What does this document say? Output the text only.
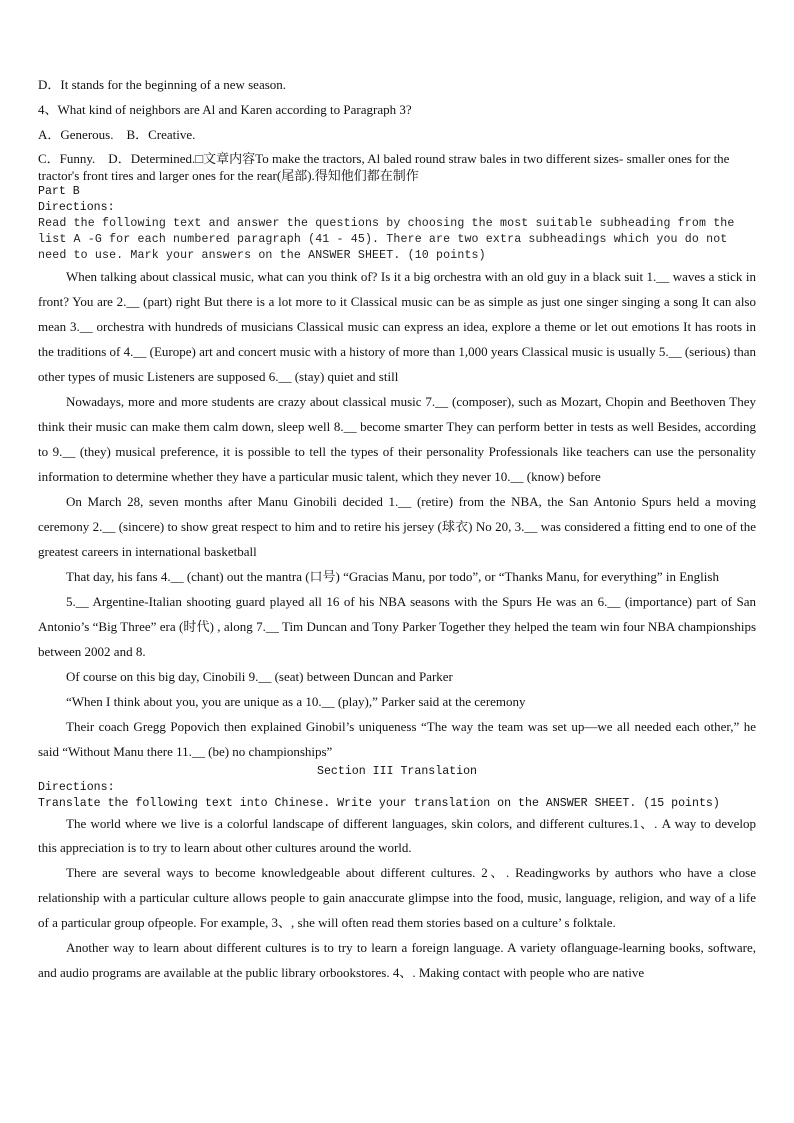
D．It stands for the beginning of a new season.

4、What kind of neighbors are Al and Karen according to Paragraph 3?

A．Generous.　B．Creative.

C．Funny.　D．Determined.□文章内容To make the tractors, Al baled round straw bales in two different sizes- smaller ones for the tractor's front tires and larger ones for the rear(尾部).得知他们都在制作

Part B

Directions:

Read the following text and answer the questions by choosing the most suitable subheading from the list A -G for each numbered paragraph (41 - 45). There are two extra subheadings which you do not need to use. Mark your answers on the ANSWER SHEET. (10 points)

When talking about classical music, what can you think of? Is it a big orchestra with an old guy in a black suit 1.__ waves a stick in front? You are 2.__ (part) right But there is a lot more to it Classical music can be as simple as just one singer singing a song It can also mean 3.__ orchestra with hundreds of musicians Classical music can express an idea, explore a theme or let out emotions It has roots in the traditions of 4.__ (Europe) art and concert music with a history of more than 1,000 years Classical music is usually 5.__ (serious) than other types of music Listeners are supposed 6.__ (stay) quiet and still

Nowadays, more and more students are crazy about classical music 7.__ (composer), such as Mozart, Chopin and Beethoven They think their music can make them calm down, sleep well 8.__ become smarter They can perform better in tests as well Besides, according to 9.__ (they) musical preference, it is possible to tell the types of their personality Professionals like teachers can use the personality information to determine whether they have a particular music talent, which they never 10.__ (know) before

On March 28, seven months after Manu Ginobili decided 1.__ (retire) from the NBA, the San Antonio Spurs held a moving ceremony 2.__ (sincere) to show great respect to him and to retire his jersey (球衣) No 20, 3.__ was considered a fitting end to one of the greatest careers in international basketball

That day, his fans 4.__ (chant) out the mantra (口号) “Gracias Manu, por todo”, or “Thanks Manu, for everything” in English

5.__ Argentine-Italian shooting guard played all 16 of his NBA seasons with the Spurs He was an 6.__ (importance) part of San Antonio’s “Big Three” era (时代) , along 7.__ Tim Duncan and Tony Parker Together they helped the team win four NBA championships between 2002 and 8.

Of course on this big day, Cinobili 9.__ (seat) between Duncan and Parker

“When I think about you, you are unique as a 10.__ (play),” Parker said at the ceremony

Their coach Gregg Popovich then explained Ginobil’s uniqueness “The way the team was set up—we all needed each other,” he said “Without Manu there 11.__ (be) no championships”

Section III Translation

Directions:

Translate the following text into Chinese. Write your translation on the ANSWER SHEET. (15 points)

The world where we live is a colorful landscape of different languages, skin colors, and different cultures.1、. A way to develop this appreciation is to try to learn about other cultures around the world.

There are several ways to become knowledgeable about different cultures. 2、. Readingworks by authors who have a close relationship with a particular culture allows people to gain anaccurate glimpse into the food, music, language, religion, and way of a life of a particular group ofpeople. For example, 3、, she will often read them stories based on a culture’ s folktale.

Another way to learn about different cultures is to try to learn a foreign language. A variety oflanguage-learning books, software, and audio programs are available at the public library orbookstores. 4、. Making contact with people who are native
